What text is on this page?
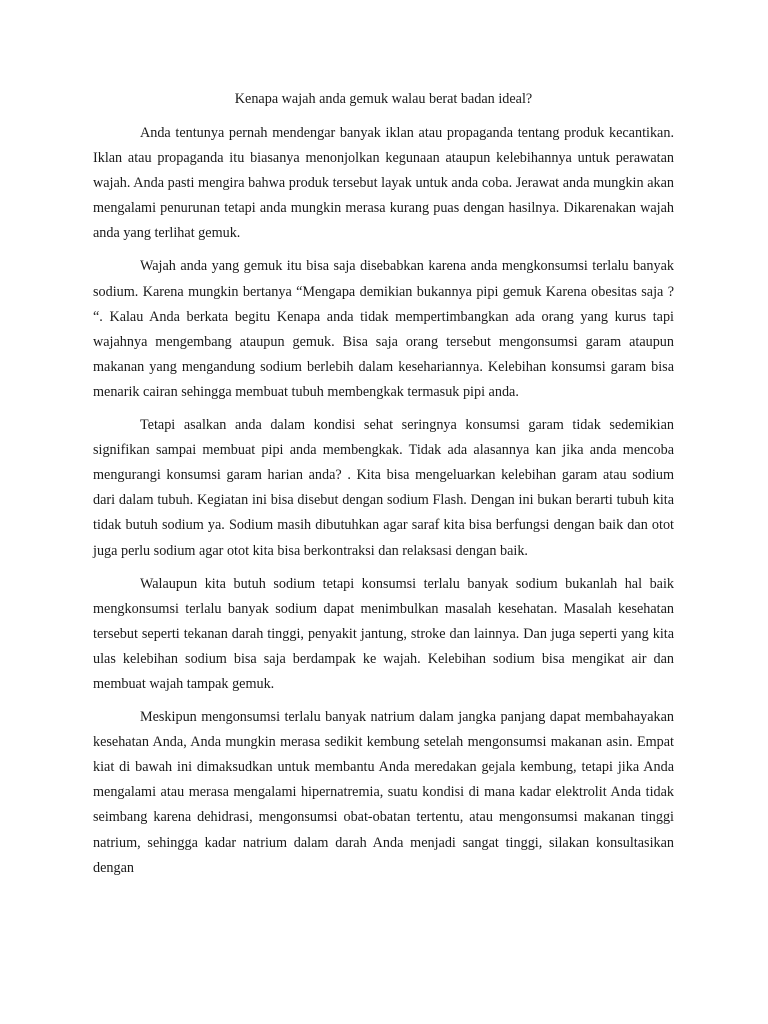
Kenapa wajah anda gemuk walau berat badan ideal?

Anda tentunya pernah mendengar banyak iklan atau propaganda tentang produk kecantikan. Iklan atau propaganda itu biasanya menonjolkan kegunaan ataupun kelebihannya untuk perawatan wajah. Anda pasti mengira bahwa produk tersebut layak untuk anda coba. Jerawat anda mungkin akan mengalami penurunan tetapi anda mungkin merasa kurang puas dengan hasilnya. Dikarenakan wajah anda yang terlihat gemuk.

Wajah anda yang gemuk itu bisa saja disebabkan karena anda mengkonsumsi terlalu banyak sodium. Karena mungkin bertanya “Mengapa demikian bukannya pipi gemuk Karena obesitas saja ? “. Kalau Anda berkata begitu Kenapa anda tidak mempertimbangkan ada orang yang kurus tapi wajahnya mengembang ataupun gemuk. Bisa saja orang tersebut mengonsumsi garam ataupun makanan yang mengandung sodium berlebih dalam kesehariannya. Kelebihan konsumsi garam bisa menarik cairan sehingga membuat tubuh membengkak termasuk pipi anda.

Tetapi asalkan anda dalam kondisi sehat seringnya konsumsi garam tidak sedemikian signifikan sampai membuat pipi anda membengkak. Tidak ada alasannya kan jika anda mencoba mengurangi konsumsi garam harian anda? . Kita bisa mengeluarkan kelebihan garam atau sodium dari dalam tubuh. Kegiatan ini bisa disebut dengan sodium Flash. Dengan ini bukan berarti tubuh kita tidak butuh sodium ya. Sodium masih dibutuhkan agar saraf kita bisa berfungsi dengan baik dan otot juga perlu sodium agar otot kita bisa berkontraksi dan relaksasi dengan baik.

Walaupun kita butuh sodium tetapi konsumsi terlalu banyak sodium bukanlah hal baik mengkonsumsi terlalu banyak sodium dapat menimbulkan masalah kesehatan. Masalah kesehatan tersebut seperti tekanan darah tinggi, penyakit jantung, stroke dan lainnya. Dan juga seperti yang kita ulas kelebihan sodium bisa saja berdampak ke wajah. Kelebihan sodium bisa mengikat air dan membuat wajah tampak gemuk.

Meskipun mengonsumsi terlalu banyak natrium dalam jangka panjang dapat membahayakan kesehatan Anda, Anda mungkin merasa sedikit kembung setelah mengonsumsi makanan asin. Empat kiat di bawah ini dimaksudkan untuk membantu Anda meredakan gejala kembung, tetapi jika Anda mengalami atau merasa mengalami hipernatremia, suatu kondisi di mana kadar elektrolit Anda tidak seimbang karena dehidrasi, mengonsumsi obat-obatan tertentu, atau mengonsumsi makanan tinggi natrium, sehingga kadar natrium dalam darah Anda menjadi sangat tinggi, silakan konsultasikan dengan
